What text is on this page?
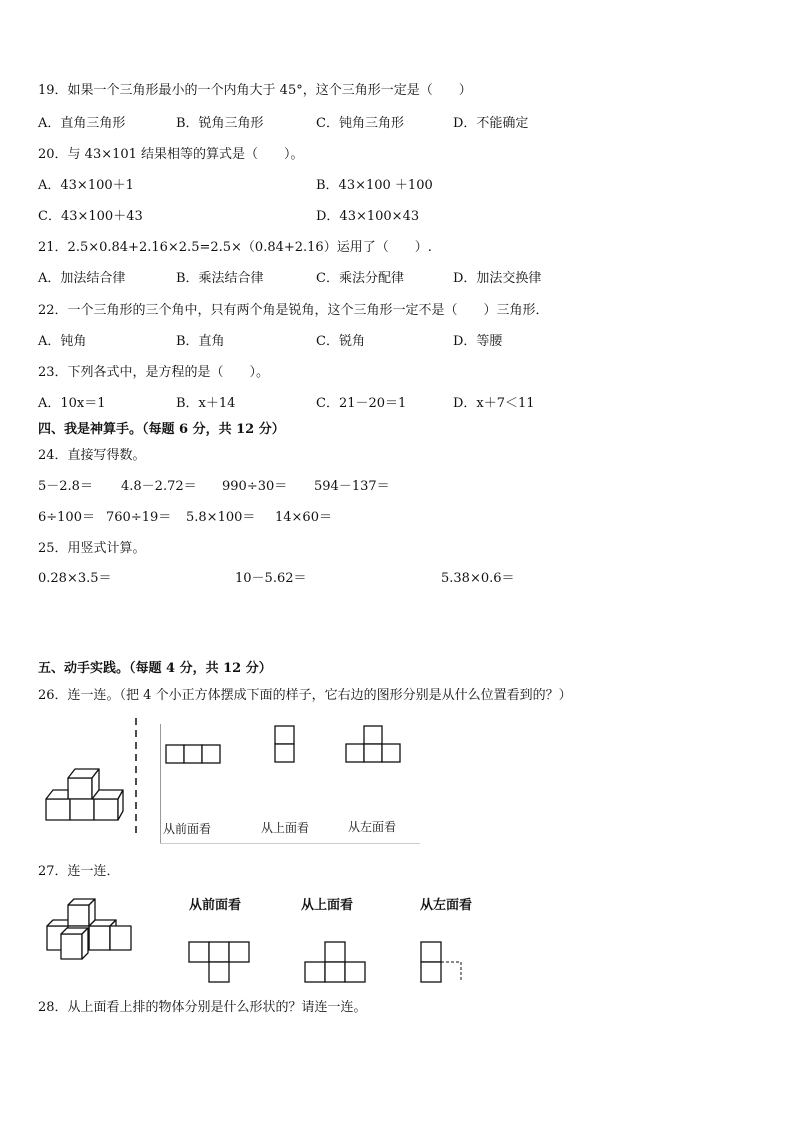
19．如果一个三角形最小的一个内角大于 45°，这个三角形一定是（　　）
A．直角三角形	B．锐角三角形	C．钝角三角形	D．不能确定
20．与 43×101 结果相等的算式是（　　）。
A．43×100＋1	B．43×100 ＋100
C．43×100＋43	D．43×100×43
21．2.5×0.84+2.16×2.5=2.5×（0.84+2.16）运用了（　　）.
A．加法结合律	B．乘法结合律	C．乘法分配律	D．加法交换律
22．一个三角形的三个角中，只有两个角是锐角，这个三角形一定不是（　　）三角形．
A．钝角	B．直角	C．锐角	D．等腰
23．下列各式中，是方程的是（　　）。
A．10x＝1	B．x＋14	C．21－20＝1	D．x＋7＜11
四、我是神算手。（每题 6 分，共 12 分）
24．直接写得数。
5－2.8＝ 4.8－2.72＝ 990÷30＝ 594－137＝
6÷100＝ 760÷19＝ 5.8×100＝ 14×60＝
25．用竖式计算。
0.28×3.5＝	10－5.62＝	5.38×0.6＝
五、动手实践。（每题 4 分，共 12 分）
26．连一连。（把 4 个小正方体摆成下面的样子，它右边的图形分别是从什么位置看到的？）
从前面看	从上面看	从左面看
27．连一连．
从前面看	从上面看	从左面看
28．从上面看上排的物体分别是什么形状的？请连一连。
